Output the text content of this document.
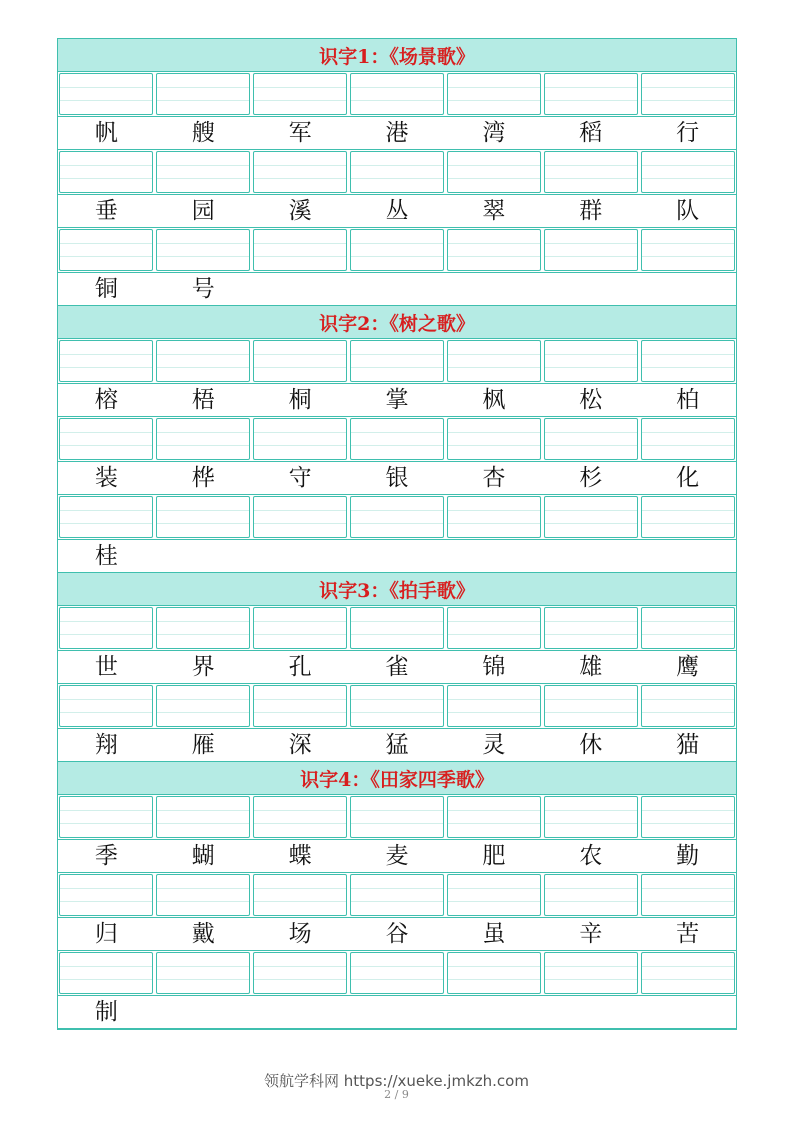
识字1：《场景歌》
帆	艘	军	港	湾	稻	行
垂	园	溪	丛	翠	群	队
铜	号
识字2：《树之歌》
榕	梧	桐	掌	枫	松	柏
装	桦	守	银	杏	杉	化
桂
识字3：《拍手歌》
世	界	孔	雀	锦	雄	鹰
翔	雁	深	猛	灵	休	猫
识字4：《田家四季歌》
季	蝴	蝶	麦	肥	农	勤
归	戴	场	谷	虽	辛	苦
制
领航学科网 https://xueke.jmkzh.com
2 / 9
